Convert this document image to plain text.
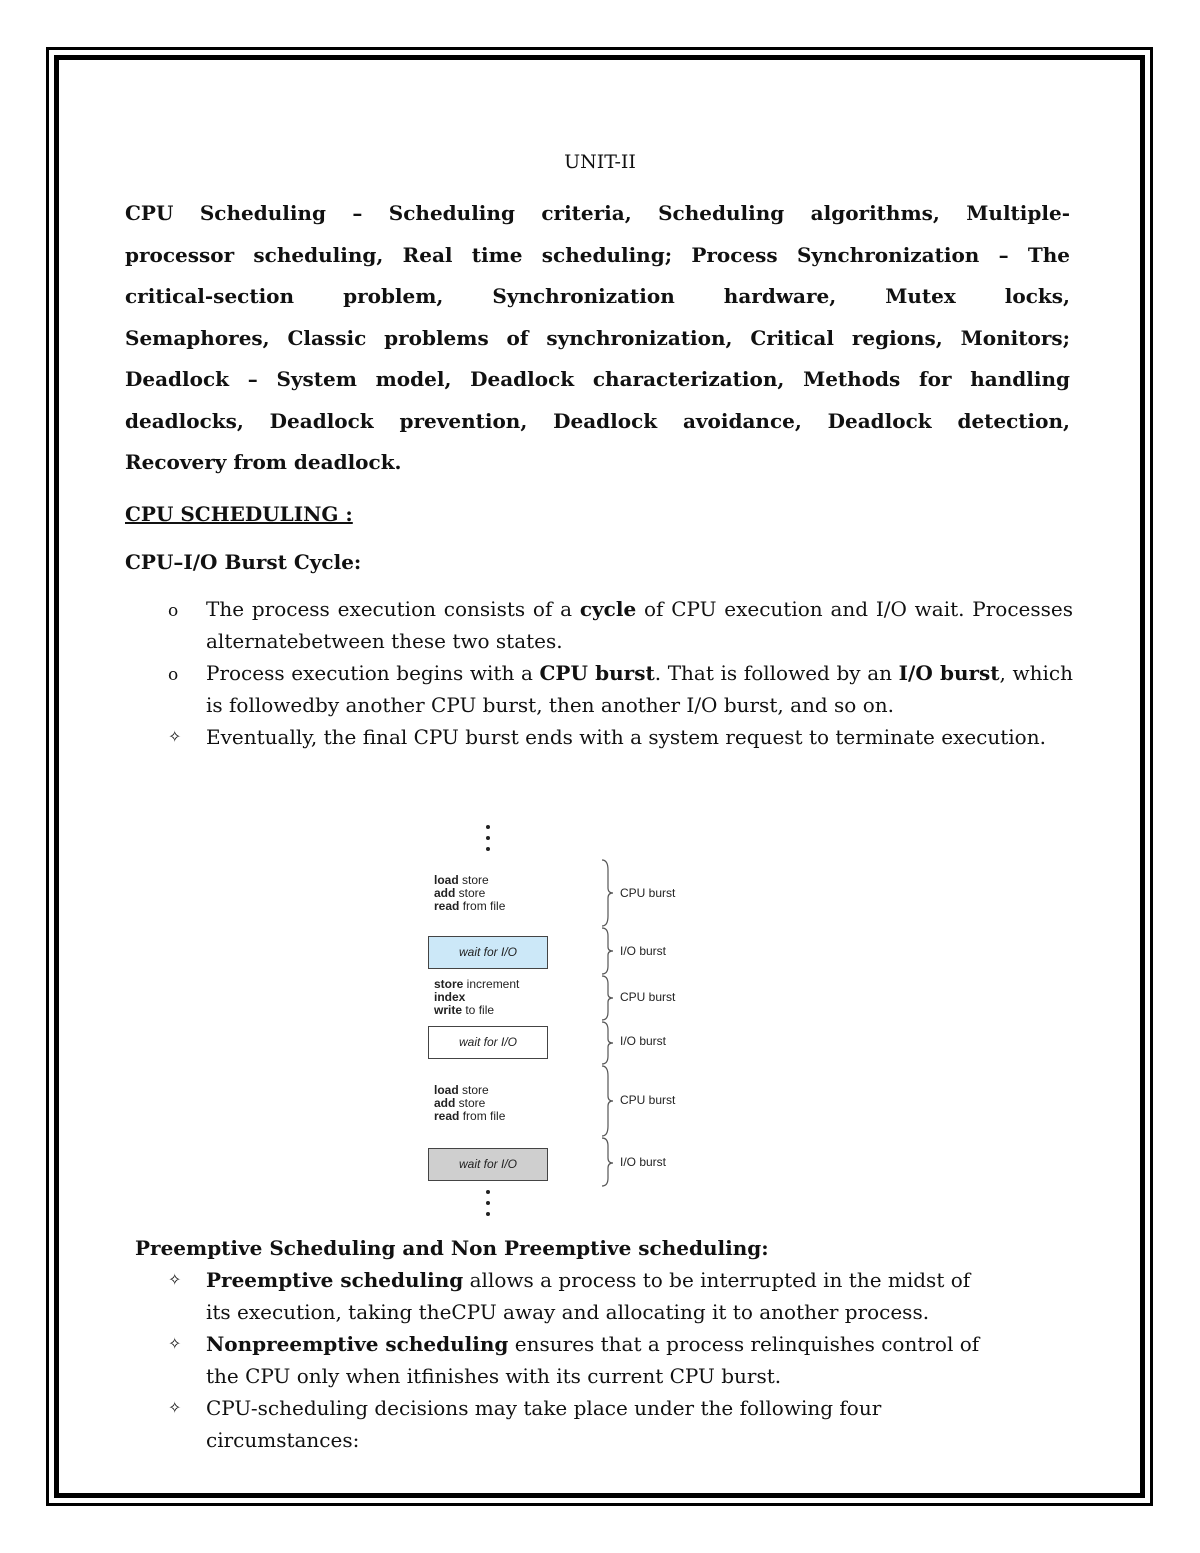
UNIT-II
CPU Scheduling – Scheduling criteria, Scheduling algorithms, Multiple-
processor scheduling, Real time scheduling; Process Synchronization – The
critical-section problem, Synchronization hardware, Mutex locks,
Semaphores, Classic problems of synchronization, Critical regions, Monitors;
Deadlock – System model, Deadlock characterization, Methods for handling
deadlocks, Deadlock prevention, Deadlock avoidance, Deadlock detection,
Recovery from deadlock.
CPU SCHEDULING :
CPU–I/O Burst Cycle:
o The process execution consists of a cycle of CPU execution and I/O wait. Processes alternatebetween these two states.
o Process execution begins with a CPU burst. That is followed by an I/O burst, which is followedby another CPU burst, then another I/O burst, and so on.
✧ Eventually, the final CPU burst ends with a system request to terminate execution.
load store
add store
read from file
wait for I/O
store increment
index
write to file
wait for I/O
load store
add store
read from file
wait for I/O
CPU burst
I/O burst
CPU burst
I/O burst
CPU burst
I/O burst
Preemptive Scheduling and Non Preemptive scheduling:
✧ Preemptive scheduling allows a process to be interrupted in the midst of its execution, taking theCPU away and allocating it to another process.
✧ Nonpreemptive scheduling ensures that a process relinquishes control of the CPU only when itfinishes with its current CPU burst.
✧ CPU-scheduling decisions may take place under the following four circumstances:
